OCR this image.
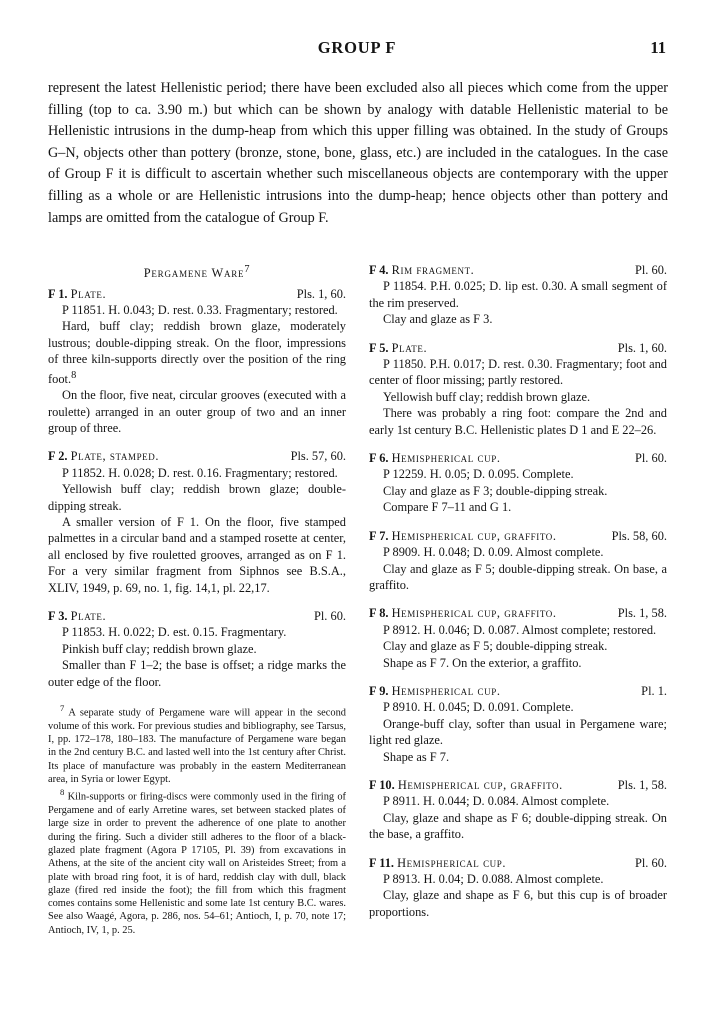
GROUP F	11

represent the latest Hellenistic period; there have been excluded also all pieces which come from the upper filling (top to ca. 3.90 m.) but which can be shown by analogy with datable Hellenistic material to be Hellenistic intrusions in the dump-heap from which this upper filling was obtained. In the study of Groups G–N, objects other than pottery (bronze, stone, bone, glass, etc.) are included in the catalogues. In the case of Group F it is difficult to ascertain whether such miscellaneous objects are contemporary with the upper filling as a whole or are Hellenistic intrusions into the dump-heap; hence objects other than pottery and lamps are omitted from the catalogue of Group F.

Pergamene Ware$^7$
F 1. Plate.	Pls. 1, 60.

P 11851. H. 0.043; D. rest. 0.33. Fragmentary; restored.

Hard, buff clay; reddish brown glaze, moderately lustrous; double-dipping streak. On the floor, impressions of three kiln-supports directly over the position of the ring foot.$^8$

On the floor, five neat, circular grooves (executed with a roulette) arranged in an outer group of two and an inner group of three.

F 2. Plate, stamped.	Pls. 57, 60.

P 11852. H. 0.028; D. rest. 0.16. Fragmentary; restored.

Yellowish buff clay; reddish brown glaze; double-dipping streak.

A smaller version of F 1. On the floor, five stamped palmettes in a circular band and a stamped rosette at center, all enclosed by five rouletted grooves, arranged as on F 1. For a very similar fragment from Siphnos see B.S.A., XLIV, 1949, p. 69, no. 1, fig. 14,1, pl. 22,17.

F 3. Plate.	Pl. 60.

P 11853. H. 0.022; D. est. 0.15. Fragmentary.

Pinkish buff clay; reddish brown glaze.

Smaller than F 1–2; the base is offset; a ridge marks the outer edge of the floor.

$^7$ A separate study of Pergamene ware will appear in the second volume of this work. For previous studies and bibliography, see Tarsus, I, pp. 172–178, 180–183. The manufacture of Pergamene ware began in the 2nd century B.C. and lasted well into the 1st century after Christ. Its place of manufacture was probably in the eastern Mediterranean area, in Syria or lower Egypt.

$^8$ Kiln-supports or firing-discs were commonly used in the firing of Pergamene and of early Arretine wares, set between stacked plates of large size in order to prevent the adherence of one plate to another during the firing. Such a divider still adheres to the floor of a black-glazed plate fragment (Agora P 17105, Pl. 39) from excavations in Athens, at the site of the ancient city wall on Aristeides Street; from a plate with broad ring foot, it is of hard, reddish clay with dull, black glaze (fired red inside the foot); the fill from which this fragment comes contains some Hellenistic and some late 1st century B.C. wares. See also Waagé, Agora, p. 286, nos. 54–61; Antioch, I, p. 70, note 17; Antioch, IV, 1, p. 25.

F 4. Rim fragment.	Pl. 60.

P 11854. P.H. 0.025; D. lip est. 0.30. A small segment of the rim preserved.

Clay and glaze as F 3.

F 5. Plate.	Pls. 1, 60.

P 11850. P.H. 0.017; D. rest. 0.30. Fragmentary; foot and center of floor missing; partly restored.

Yellowish buff clay; reddish brown glaze.

There was probably a ring foot: compare the 2nd and early 1st century B.C. Hellenistic plates D 1 and E 22–26.

F 6. Hemispherical cup.	Pl. 60.

P 12259. H. 0.05; D. 0.095. Complete.

Clay and glaze as F 3; double-dipping streak.

Compare F 7–11 and G 1.

F 7. Hemispherical cup, graffito.	Pls. 58, 60.

P 8909. H. 0.048; D. 0.09. Almost complete.

Clay and glaze as F 5; double-dipping streak. On base, a graffito.

F 8. Hemispherical cup, graffito.	Pls. 1, 58.

P 8912. H. 0.046; D. 0.087. Almost complete; restored.

Clay and glaze as F 5; double-dipping streak.

Shape as F 7. On the exterior, a graffito.

F 9. Hemispherical cup.	Pl. 1.

P 8910. H. 0.045; D. 0.091. Complete.

Orange-buff clay, softer than usual in Pergamene ware; light red glaze.

Shape as F 7.

F 10. Hemispherical cup, graffito.	Pls. 1, 58.

P 8911. H. 0.044; D. 0.084. Almost complete.

Clay, glaze and shape as F 6; double-dipping streak. On the base, a graffito.

F 11. Hemispherical cup.	Pl. 60.

P 8913. H. 0.04; D. 0.088. Almost complete.

Clay, glaze and shape as F 6, but this cup is of broader proportions.
